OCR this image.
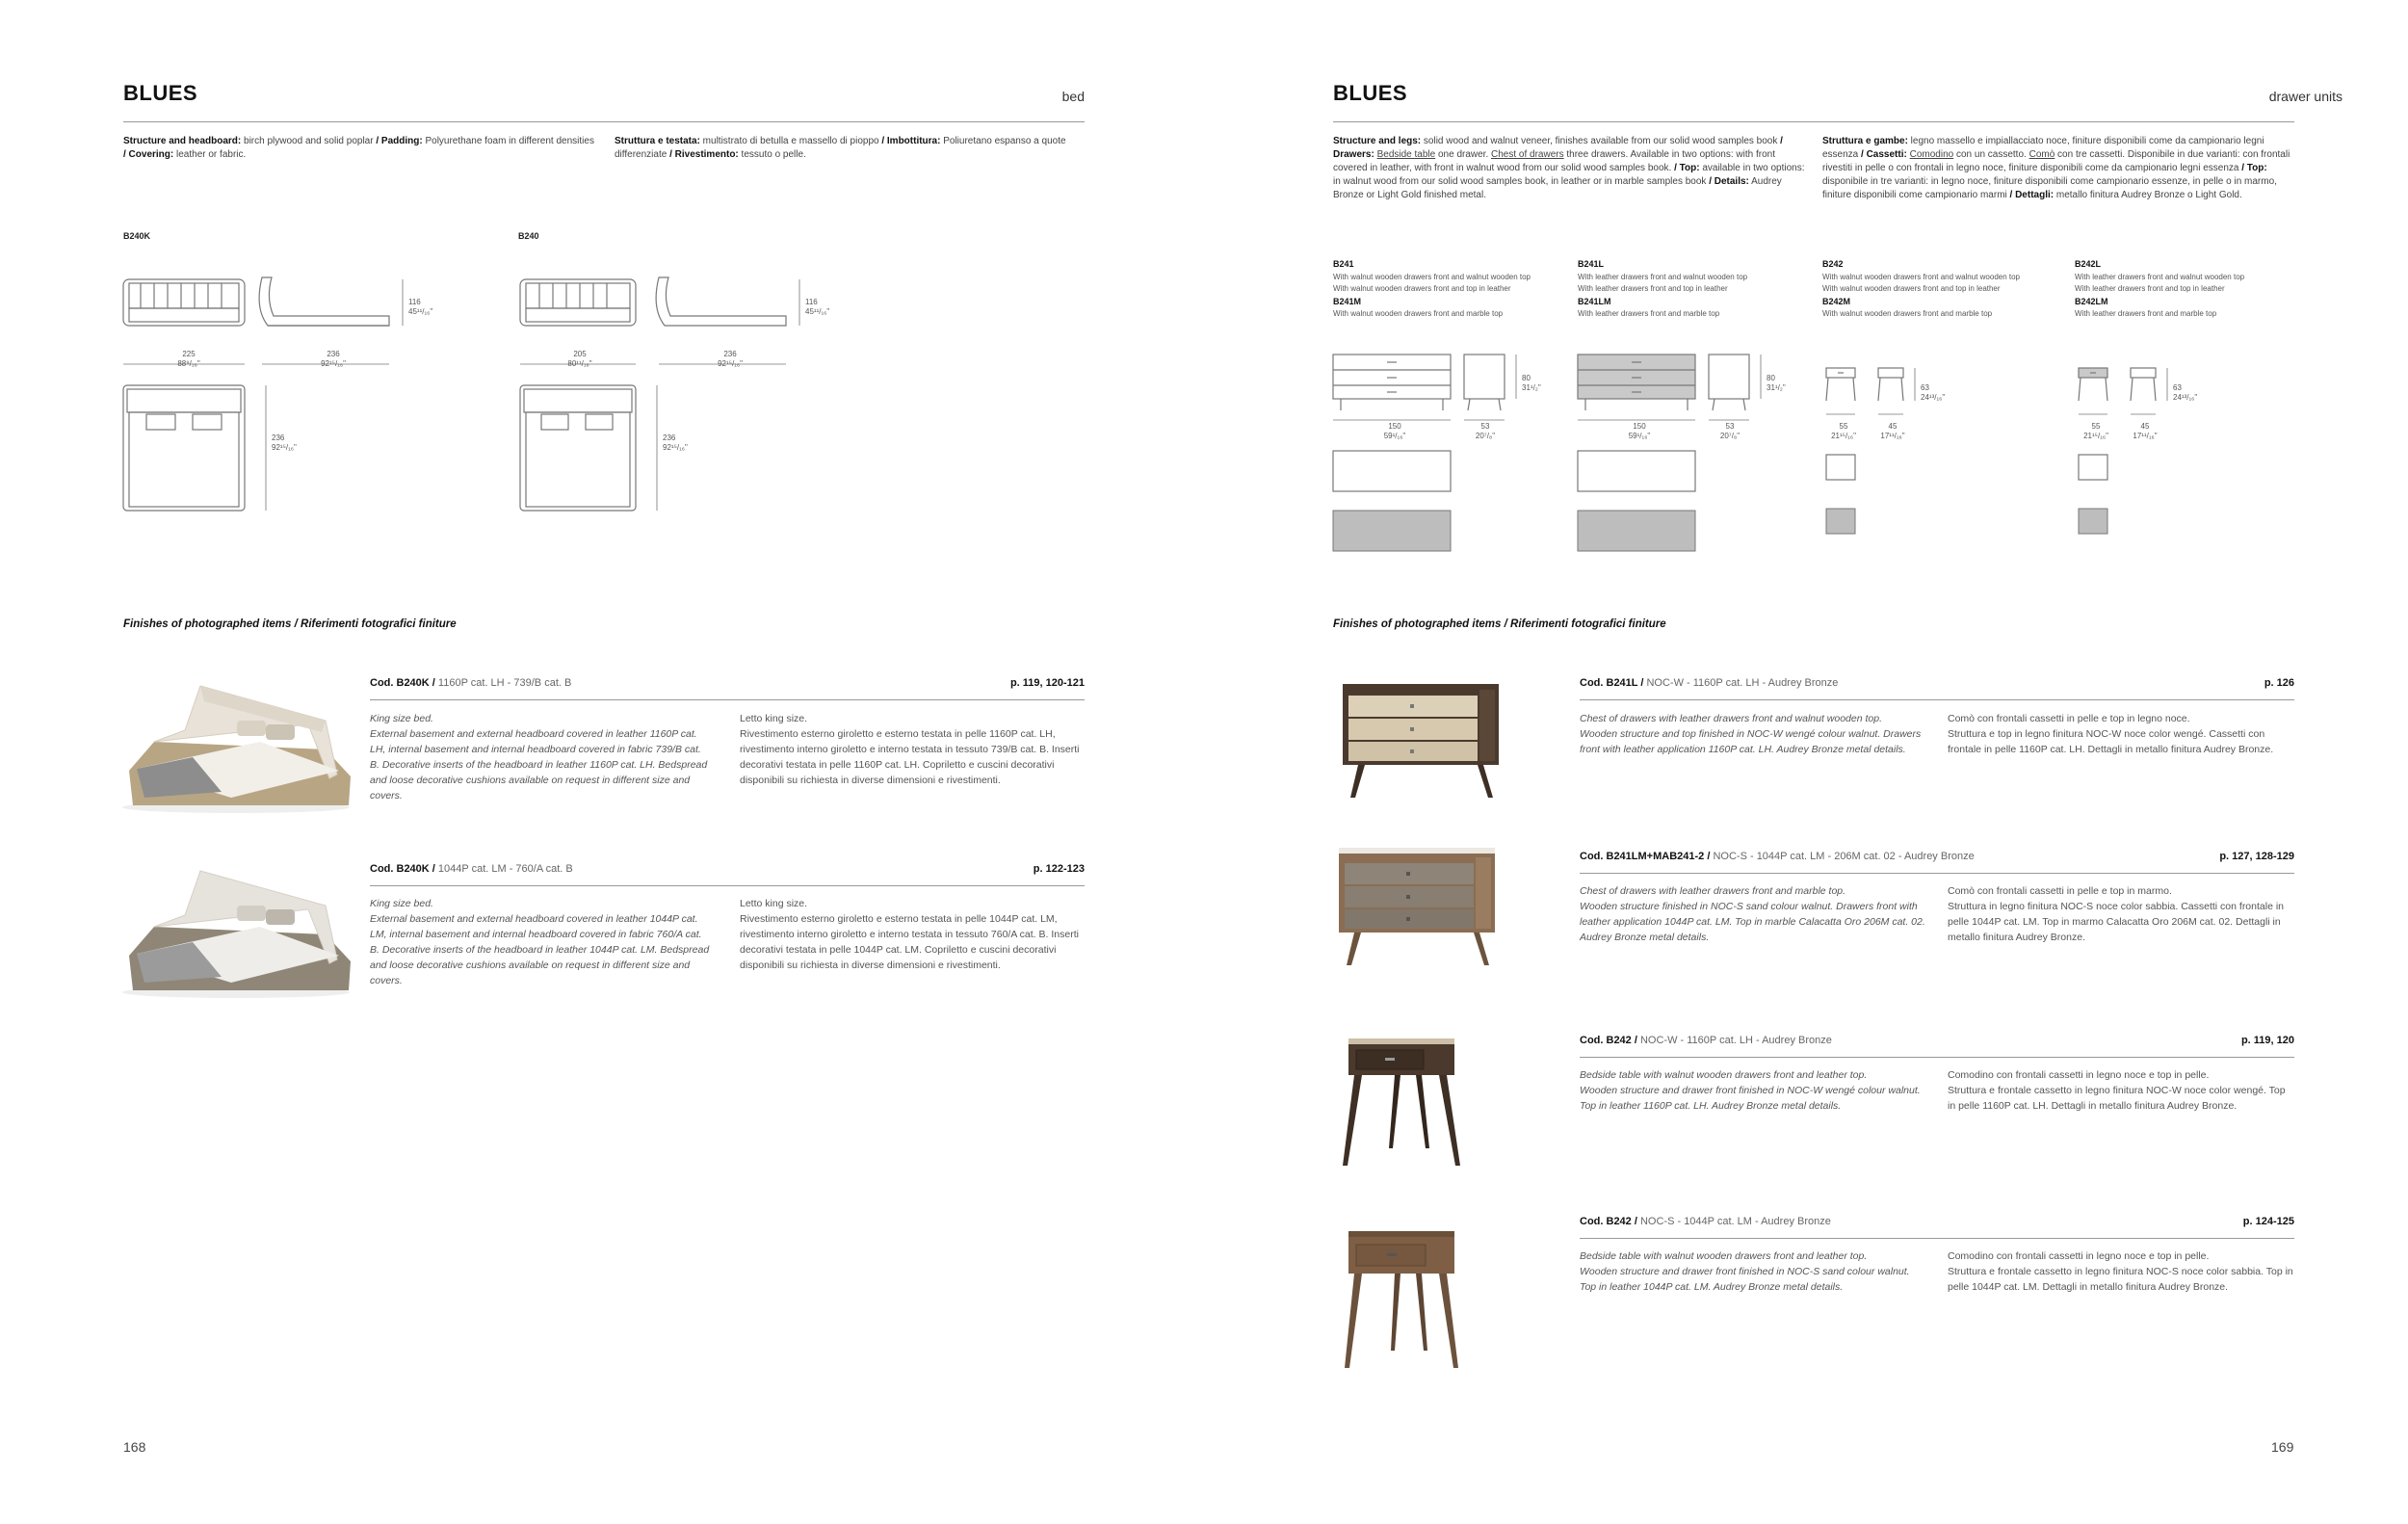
BLUES	bed
Structure and headboard: birch plywood and solid poplar / Padding: Polyurethane foam in different densities / Covering: leather or fabric.
Struttura e testata: multistrato di betulla e massello di pioppo / Imbottitura: Poliuretano espanso a quote differenziate / Rivestimento: tessuto o pelle.
B240K
225
88⁹/₁₆"
236
92¹⁵/₁₆"
116
45¹¹/₁₆"
236
92¹⁵/₁₆"
B240
205
80¹¹/₁₆"
236
92¹⁵/₁₆"
116
45¹¹/₁₆"
236
92¹⁵/₁₆"
Finishes of photographed items / Riferimenti fotografici finiture
Cod. B240K / 1160P cat. LH - 739/B cat. B	p. 119, 120-121
King size bed.
External basement and external headboard covered in leather 1160P cat. LH, internal basement and internal headboard covered in fabric 739/B cat. B. Decorative inserts of the headboard in leather 1160P cat. LH. Bedspread and loose decorative cushions available on request in different size and covers.
Letto king size.
Rivestimento esterno giroletto e esterno testata in pelle 1160P cat. LH, rivestimento interno giroletto e interno testata in tessuto 739/B cat. B. Inserti decorativi testata in pelle 1160P cat. LH. Copriletto e cuscini decorativi disponibili su richiesta in diverse dimensioni e rivestimenti.
Cod. B240K / 1044P cat. LM - 760/A cat. B	p. 122-123
King size bed.
External basement and external headboard covered in leather 1044P cat. LM, internal basement and internal headboard covered in fabric 760/A cat. B. Decorative inserts of the headboard in leather 1044P cat. LM. Bedspread and loose decorative cushions available on request in different size and covers.
Letto king size.
Rivestimento esterno giroletto e esterno testata in pelle 1044P cat. LM, rivestimento interno giroletto e interno testata in tessuto 760/A cat. B. Inserti decorativi testata in pelle 1044P cat. LM. Copriletto e cuscini decorativi disponibili su richiesta in diverse dimensioni e rivestimenti.
168
BLUES	drawer units
Structure and legs: solid wood and walnut veneer, finishes available from our solid wood samples book / Drawers: Bedside table one drawer. Chest of drawers three drawers. Available in two options: with front covered in leather, with front in walnut wood from our solid wood samples book. / Top: available in two options: in walnut wood from our solid wood samples book, in leather or in marble samples book / Details: Audrey Bronze or Light Gold finished metal.
Struttura e gambe: legno massello e impiallacciato noce, finiture disponibili come da campionario legni essenza / Cassetti: Comodino con un cassetto. Comò con tre cassetti. Disponibile in due varianti: con frontali rivestiti in pelle o con frontali in legno noce, finiture disponibili come da campionario legni essenza / Top: disponibile in tre varianti: in legno noce, finiture disponibili come campionario essenze, in pelle o in marmo, finiture disponibili come campionario marmi / Dettagli: metallo finitura Audrey Bronze o Light Gold.
B241
With walnut wooden drawers front and walnut wooden top
With walnut wooden drawers front and top in leather
B241M
With walnut wooden drawers front and marble top
B241L
With leather drawers front and walnut wooden top
With leather drawers front and top in leather
B241LM
With leather drawers front and marble top
B242
With walnut wooden drawers front and walnut wooden top
With walnut wooden drawers front and top in leather
B242M
With walnut wooden drawers front and marble top
B242L
With leather drawers front and walnut wooden top
With leather drawers front and top in leather
B242LM
With leather drawers front and marble top
150
59¹/₁₆"
53
20⁷/₈"
80
31¹/₂"
150
59¹/₁₆"
53
20⁷/₈"
80
31¹/₂"
55
21¹⁵/₁₆"
45
17¹¹/₁₆"
63
24¹³/₁₆"
55
21¹⁵/₁₆"
45
17¹¹/₁₆"
63
24¹³/₁₆"
Finishes of photographed items / Riferimenti fotografici finiture
Cod. B241L / NOC-W - 1160P cat. LH - Audrey Bronze	p. 126
Chest of drawers with leather drawers front and walnut wooden top.
Wooden structure and top finished in NOC-W wengé colour walnut. Drawers front with leather application 1160P cat. LH. Audrey Bronze metal details.
Comò con frontali cassetti in pelle e top in legno noce.
Struttura e top in legno finitura NOC-W noce color wengé. Cassetti con frontale in pelle 1160P cat. LH. Dettagli in metallo finitura Audrey Bronze.
Cod. B241LM+MAB241-2 / NOC-S - 1044P cat. LM - 206M cat. 02 - Audrey Bronze	p. 127, 128-129
Chest of drawers with leather drawers front and marble top.
Wooden structure finished in NOC-S sand colour walnut. Drawers front with leather application 1044P cat. LM. Top in marble Calacatta Oro 206M cat. 02. Audrey Bronze metal details.
Comò con frontali cassetti in pelle e top in marmo.
Struttura in legno finitura NOC-S noce color sabbia. Cassetti con frontale in pelle 1044P cat. LM. Top in marmo Calacatta Oro 206M cat. 02. Dettagli in metallo finitura Audrey Bronze.
Cod. B242 / NOC-W - 1160P cat. LH - Audrey Bronze	p. 119, 120
Bedside table with walnut wooden drawers front and leather top.
Wooden structure and drawer front finished in NOC-W wengé colour walnut. Top in leather 1160P cat. LH. Audrey Bronze metal details.
Comodino con frontali cassetti in legno noce e top in pelle.
Struttura e frontale cassetto in legno finitura NOC-W noce color wengé. Top in pelle 1160P cat. LH. Dettagli in metallo finitura Audrey Bronze.
Cod. B242 / NOC-S - 1044P cat. LM - Audrey Bronze	p. 124-125
Bedside table with walnut wooden drawers front and leather top.
Wooden structure and drawer front finished in NOC-S sand colour walnut. Top in leather 1044P cat. LM. Audrey Bronze metal details.
Comodino con frontali cassetti in legno noce e top in pelle.
Struttura e frontale cassetto in legno finitura NOC-S noce color sabbia. Top in pelle 1044P cat. LM. Dettagli in metallo finitura Audrey Bronze.
169
